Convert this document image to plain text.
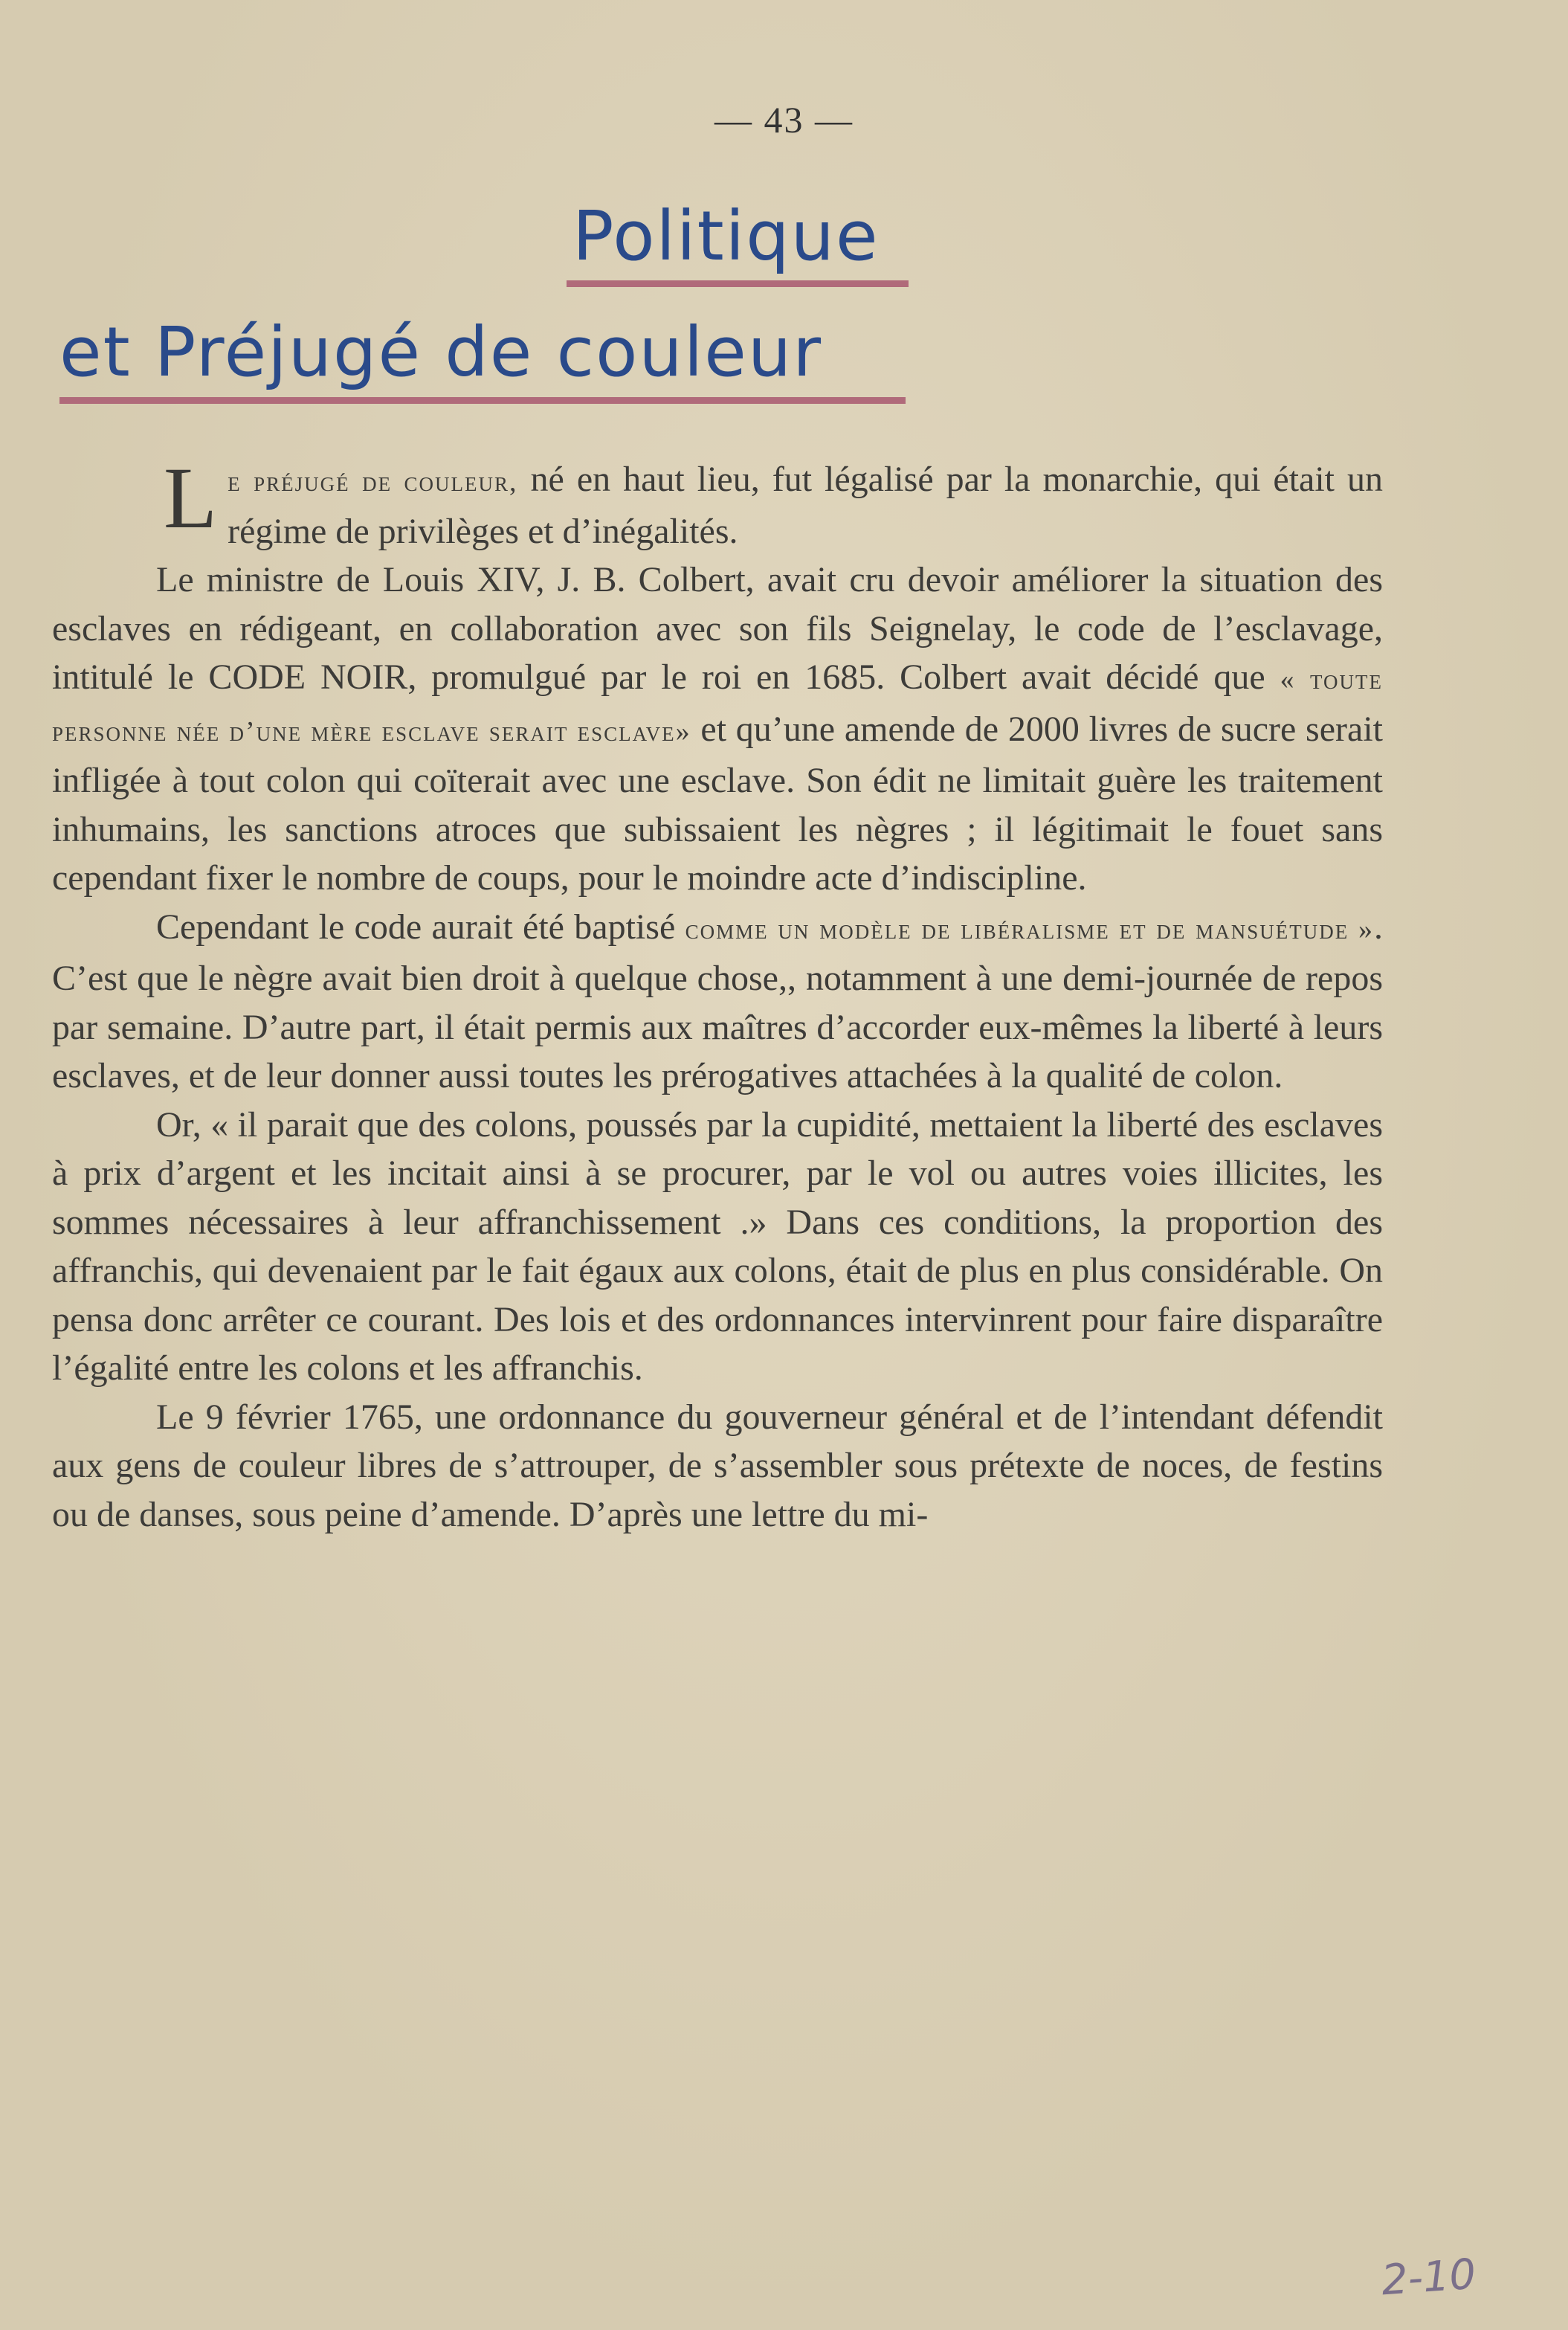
— 43 —
Politique
et Préjugé de couleur

Le préjugé de couleur, né en haut lieu, fut légalisé par la monarchie, qui était un régime de privilèges et d’inégalités.

Le ministre de Louis XIV, J. B. Colbert, avait cru devoir améliorer la situation des esclaves en rédigeant, en collaboration avec son fils Seignelay, le code de l’esclavage, intitulé le CODE NOIR, promulgué par le roi en 1685. Colbert avait décidé que « toute personne née d’une mère esclave serait esclave» et qu’une amende de 2000 livres de sucre serait infligée à tout colon qui coïterait avec une esclave. Son édit ne limitait guère les traitement inhumains, les sanctions atroces que subissaient les nègres ; il légitimait le fouet sans cependant fixer le nombre de coups, pour le moindre acte d’indiscipline.

Cependant le code aurait été baptisé comme un modèle de libéralisme et de mansuétude ». C’est que le nègre avait bien droit à quelque chose,, notamment à une demi-journée de repos par semaine. D’autre part, il était permis aux maîtres d’accorder eux-mêmes la liberté à leurs esclaves, et de leur donner aussi toutes les prérogatives attachées à la qualité de colon.

Or, « il parait que des colons, poussés par la cupidité, mettaient la liberté des esclaves à prix d’argent et les incitait ainsi à se procurer, par le vol ou autres voies illicites, les sommes nécessaires à leur affranchissement .» Dans ces conditions, la proportion des affranchis, qui devenaient par le fait égaux aux colons, était de plus en plus considérable. On pensa donc arrêter ce courant. Des lois et des ordonnances intervinrent pour faire disparaître l’égalité entre les colons et les affranchis.

Le 9 février 1765, une ordonnance du gouverneur général et de l’intendant défendit aux gens de couleur libres de s’attrouper, de s’assembler sous prétexte de noces, de festins ou de danses, sous peine d’amende. D’après une lettre du mi-

2-10
